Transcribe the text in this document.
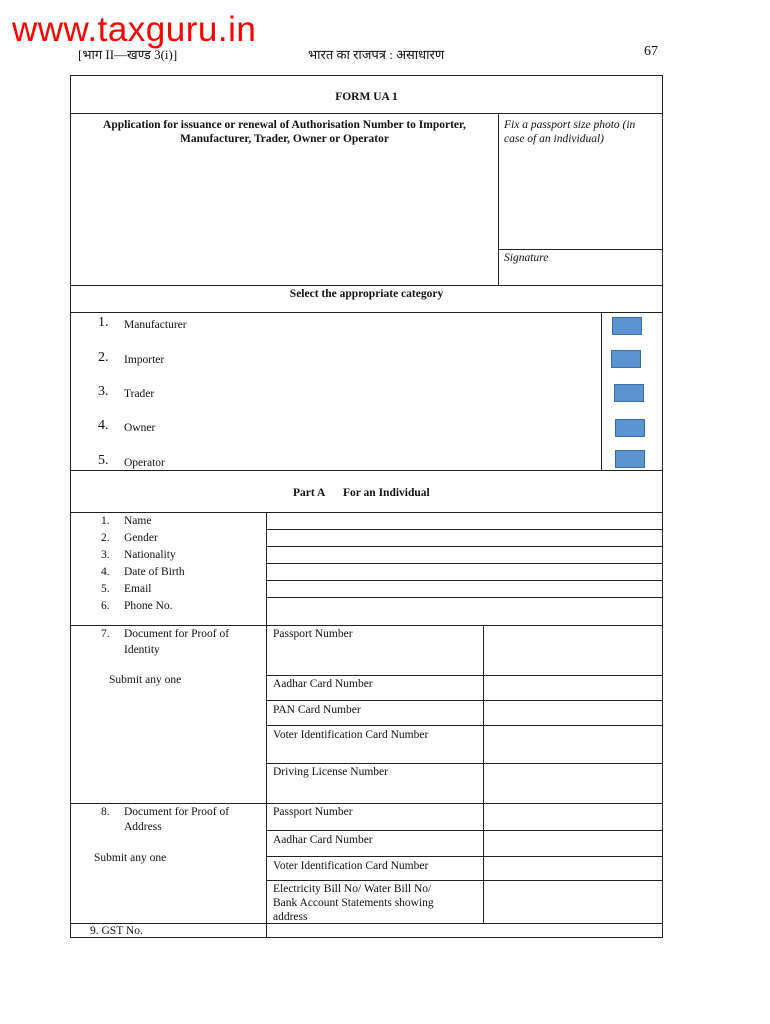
www.taxguru.in
[भाग II—खण्ड 3(i)]	भारत का राजपत्र : असाधारण	67
FORM UA 1
Application for issuance or renewal of Authorisation Number to Importer,
Manufacturer, Trader, Owner or Operator
Fix a passport size photo (in
case of an individual)
Signature
Select the appropriate category
1. Manufacturer
2. Importer
3. Trader
4. Owner
5. Operator
Part A For an Individual
1. Name
2. Gender
3. Nationality
4. Date of Birth
5. Email
6. Phone No.
7. Document for Proof of
Identity
Submit any one
Passport Number
Aadhar Card Number
PAN Card Number
Voter Identification Card Number
Driving License Number
8. Document for Proof of
Address
Submit any one
Passport Number
Aadhar Card Number
Voter Identification Card Number
Electricity Bill No/ Water Bill No/
Bank Account Statements showing
address
9. GST No.
